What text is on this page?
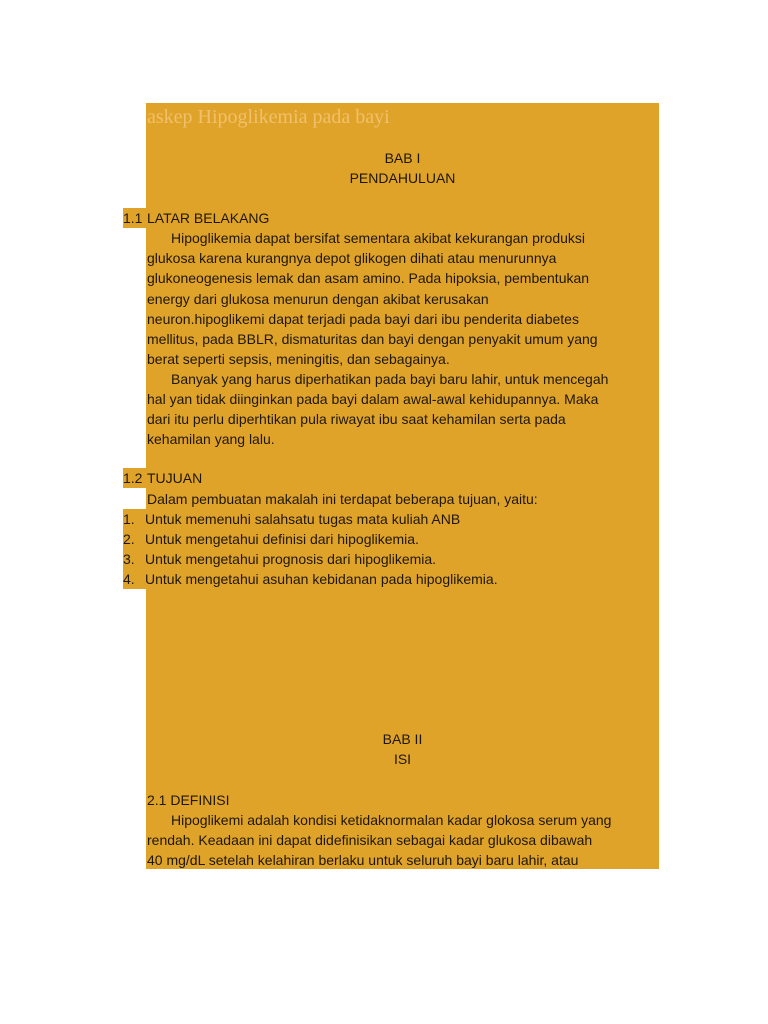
askep Hipoglikemia pada bayi
BAB I
PENDAHULUAN
1.1 LATAR BELAKANG
Hipoglikemia dapat bersifat sementara akibat kekurangan produksi
glukosa karena kurangnya depot glikogen dihati atau menurunnya
glukoneogenesis lemak dan asam amino. Pada hipoksia, pembentukan
energy dari glukosa menurun dengan akibat kerusakan
neuron.hipoglikemi dapat terjadi pada bayi dari ibu penderita diabetes
mellitus, pada BBLR, dismaturitas dan bayi dengan penyakit umum yang
berat seperti sepsis, meningitis, dan sebagainya.
Banyak yang harus diperhatikan pada bayi baru lahir, untuk mencegah
hal yan tidak diinginkan pada bayi dalam awal-awal kehidupannya. Maka
dari itu perlu diperhtikan pula riwayat ibu saat kehamilan serta pada
kehamilan yang lalu.
1.2 TUJUAN
Dalam pembuatan makalah ini terdapat beberapa tujuan, yaitu:
1. Untuk memenuhi salahsatu tugas mata kuliah ANB
2. Untuk mengetahui definisi dari hipoglikemia.
3. Untuk mengetahui prognosis dari hipoglikemia.
4. Untuk mengetahui asuhan kebidanan pada hipoglikemia.
BAB II
ISI
2.1 DEFINISI
Hipoglikemi adalah kondisi ketidaknormalan kadar glokosa serum yang
rendah. Keadaan ini dapat didefinisikan sebagai kadar glukosa dibawah
40 mg/dL setelah kelahiran berlaku untuk seluruh bayi baru lahir, atau
